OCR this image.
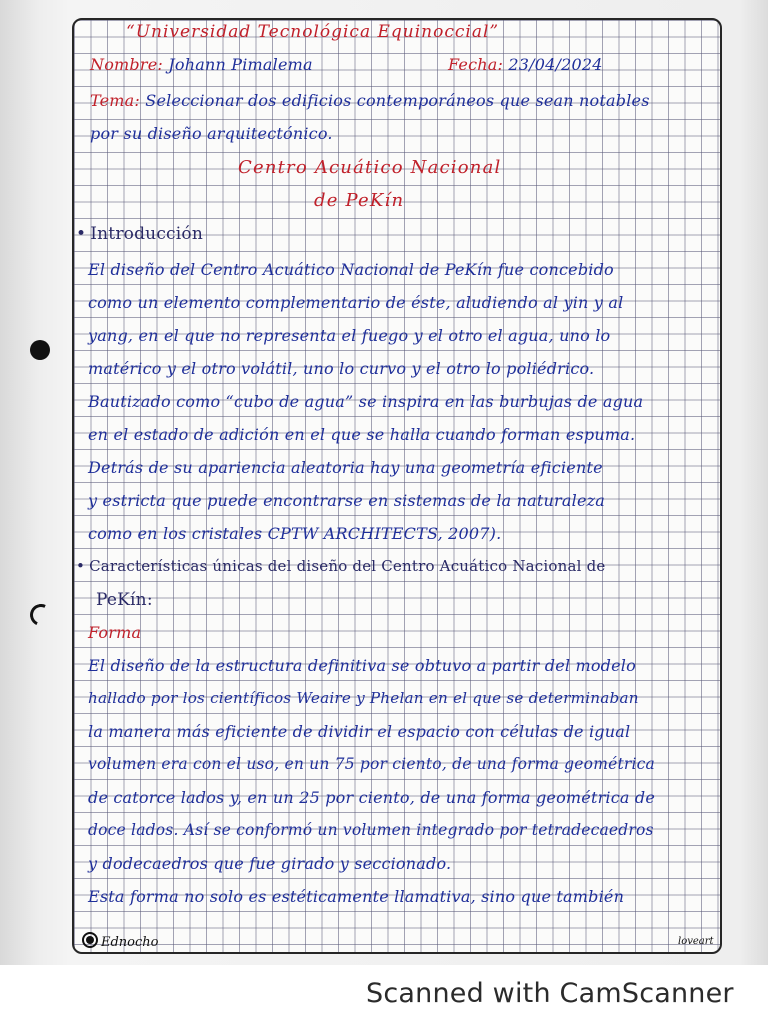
“Universidad Tecnológica Equinoccial”
Nombre: Johann Pimalema	Fecha: 23/04/2024
Tema: Seleccionar dos edificios contemporáneos que sean notables
por su diseño arquitectónico.
Centro Acuático Nacional
de PeKín
• Introducción
El diseño del Centro Acuático Nacional de PeKín fue concebido
como un elemento complementario de éste, aludiendo al yin y al
yang, en el que no representa el fuego y el otro el agua, uno lo
matérico y el otro volátil, uno lo curvo y el otro lo poliédrico.
Bautizado como “cubo de agua” se inspira en las burbujas de agua
en el estado de adición en el que se halla cuando forman espuma.
Detrás de su apariencia aleatoria hay una geometría eficiente
y estricta que puede encontrarse en sistemas de la naturaleza
como en los cristales CPTW ARCHITECTS, 2007).
• Características únicas del diseño del Centro Acuático Nacional de
PeKín:
Forma
El diseño de la estructura definitiva se obtuvo a partir del modelo
hallado por los científicos Weaire y Phelan en el que se determinaban
la manera más eficiente de dividir el espacio con células de igual
volumen era con el uso, en un 75 por ciento, de una forma geométrica
de catorce lados y, en un 25 por ciento, de una forma geométrica de
doce lados. Así se conformó un volumen integrado por tetradecaedros
y dodecaedros que fue girado y seccionado.
Esta forma no solo es estéticamente llamativa, sino que también
Ednocho	loveart
Scanned with CamScanner
